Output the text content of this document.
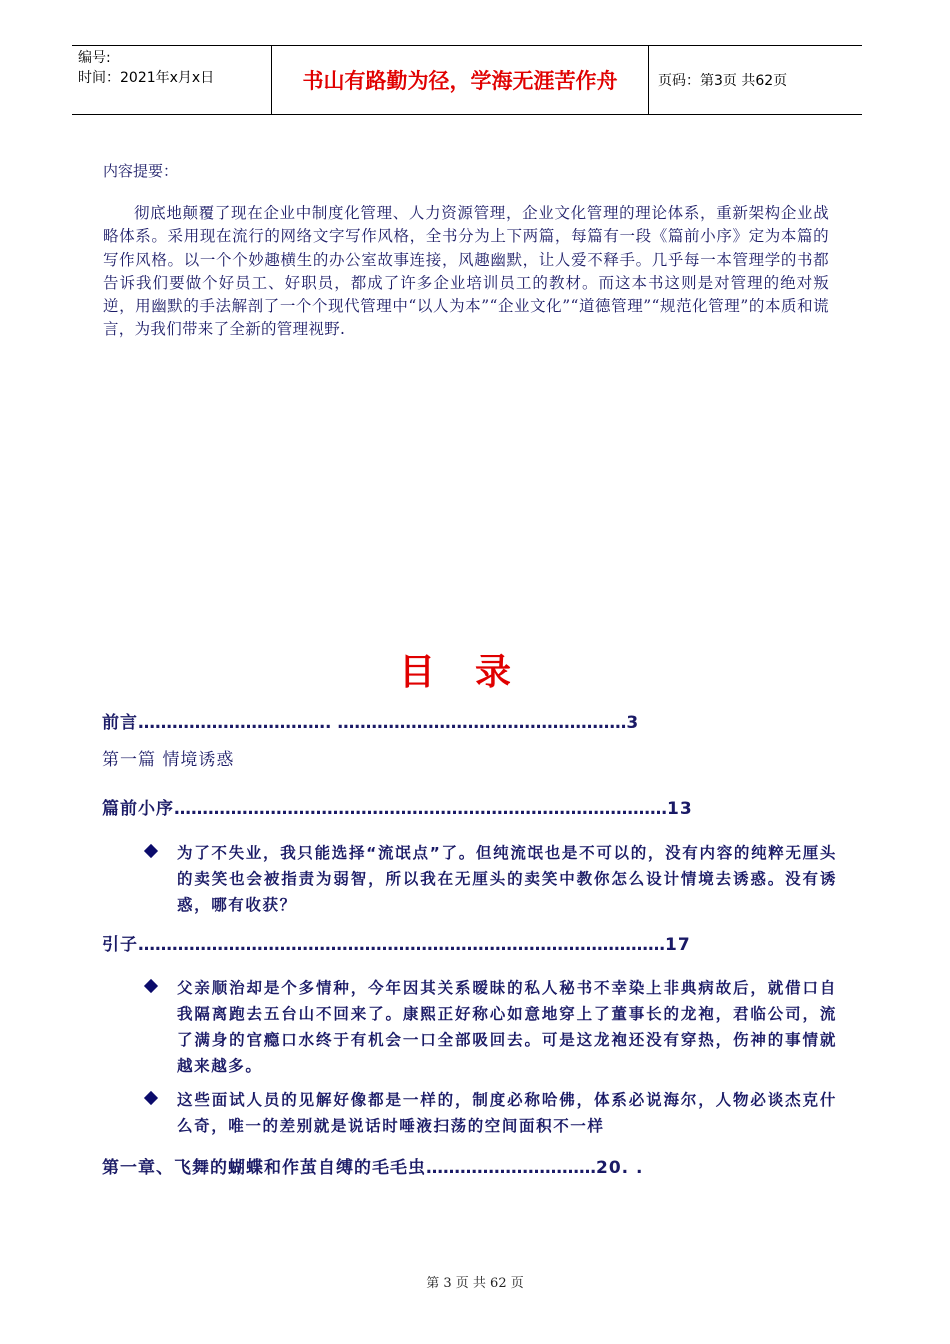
编号:
时间：2021年x月x日	书山有路勤为径，学海无涯苦作舟	页码：第3页 共62页
内容提要：
彻底地颠覆了现在企业中制度化管理、人力资源管理，企业文化管理的理论体系，重新架构企业战略体系。采用现在流行的网络文字写作风格，全书分为上下两篇，每篇有一段《篇前小序》定为本篇的写作风格。以一个个妙趣横生的办公室故事连接，风趣幽默，让人爱不释手。几乎每一本管理学的书都告诉我们要做个好员工、好职员，都成了许多企业培训员工的教材。而这本书这则是对管理的绝对叛逆，用幽默的手法解剖了一个个现代管理中“以人为本”“企业文化”“道德管理”“规范化管理”的本质和谎言，为我们带来了全新的管理视野.
目录
前言……………………………. ……………………………………………3
第一篇 情境诱惑
篇前小序……………………………………………………………………………13
为了不失业，我只能选择“流氓点”了。但纯流氓也是不可以的，没有内容的纯粹无厘头的卖笑也会被指责为弱智，所以我在无厘头的卖笑中教你怎么设计情境去诱惑。没有诱惑，哪有收获？
引子…………………………………………………………………………………17
父亲顺治却是个多情种，今年因其关系暧昧的私人秘书不幸染上非典病故后，就借口自我隔离跑去五台山不回来了。康熙正好称心如意地穿上了董事长的龙袍，君临公司，流了满身的官瘾口水终于有机会一口全部吸回去。可是这龙袍还没有穿热，伤神的事情就越来越多。
这些面试人员的见解好像都是一样的，制度必称哈佛，体系必说海尔，人物必谈杰克什么奇，唯一的差别就是说话时唾液扫荡的空间面积不一样
第一章、飞舞的蝴蝶和作茧自缚的毛毛虫…………………………20. .
第 3 页 共 62 页
